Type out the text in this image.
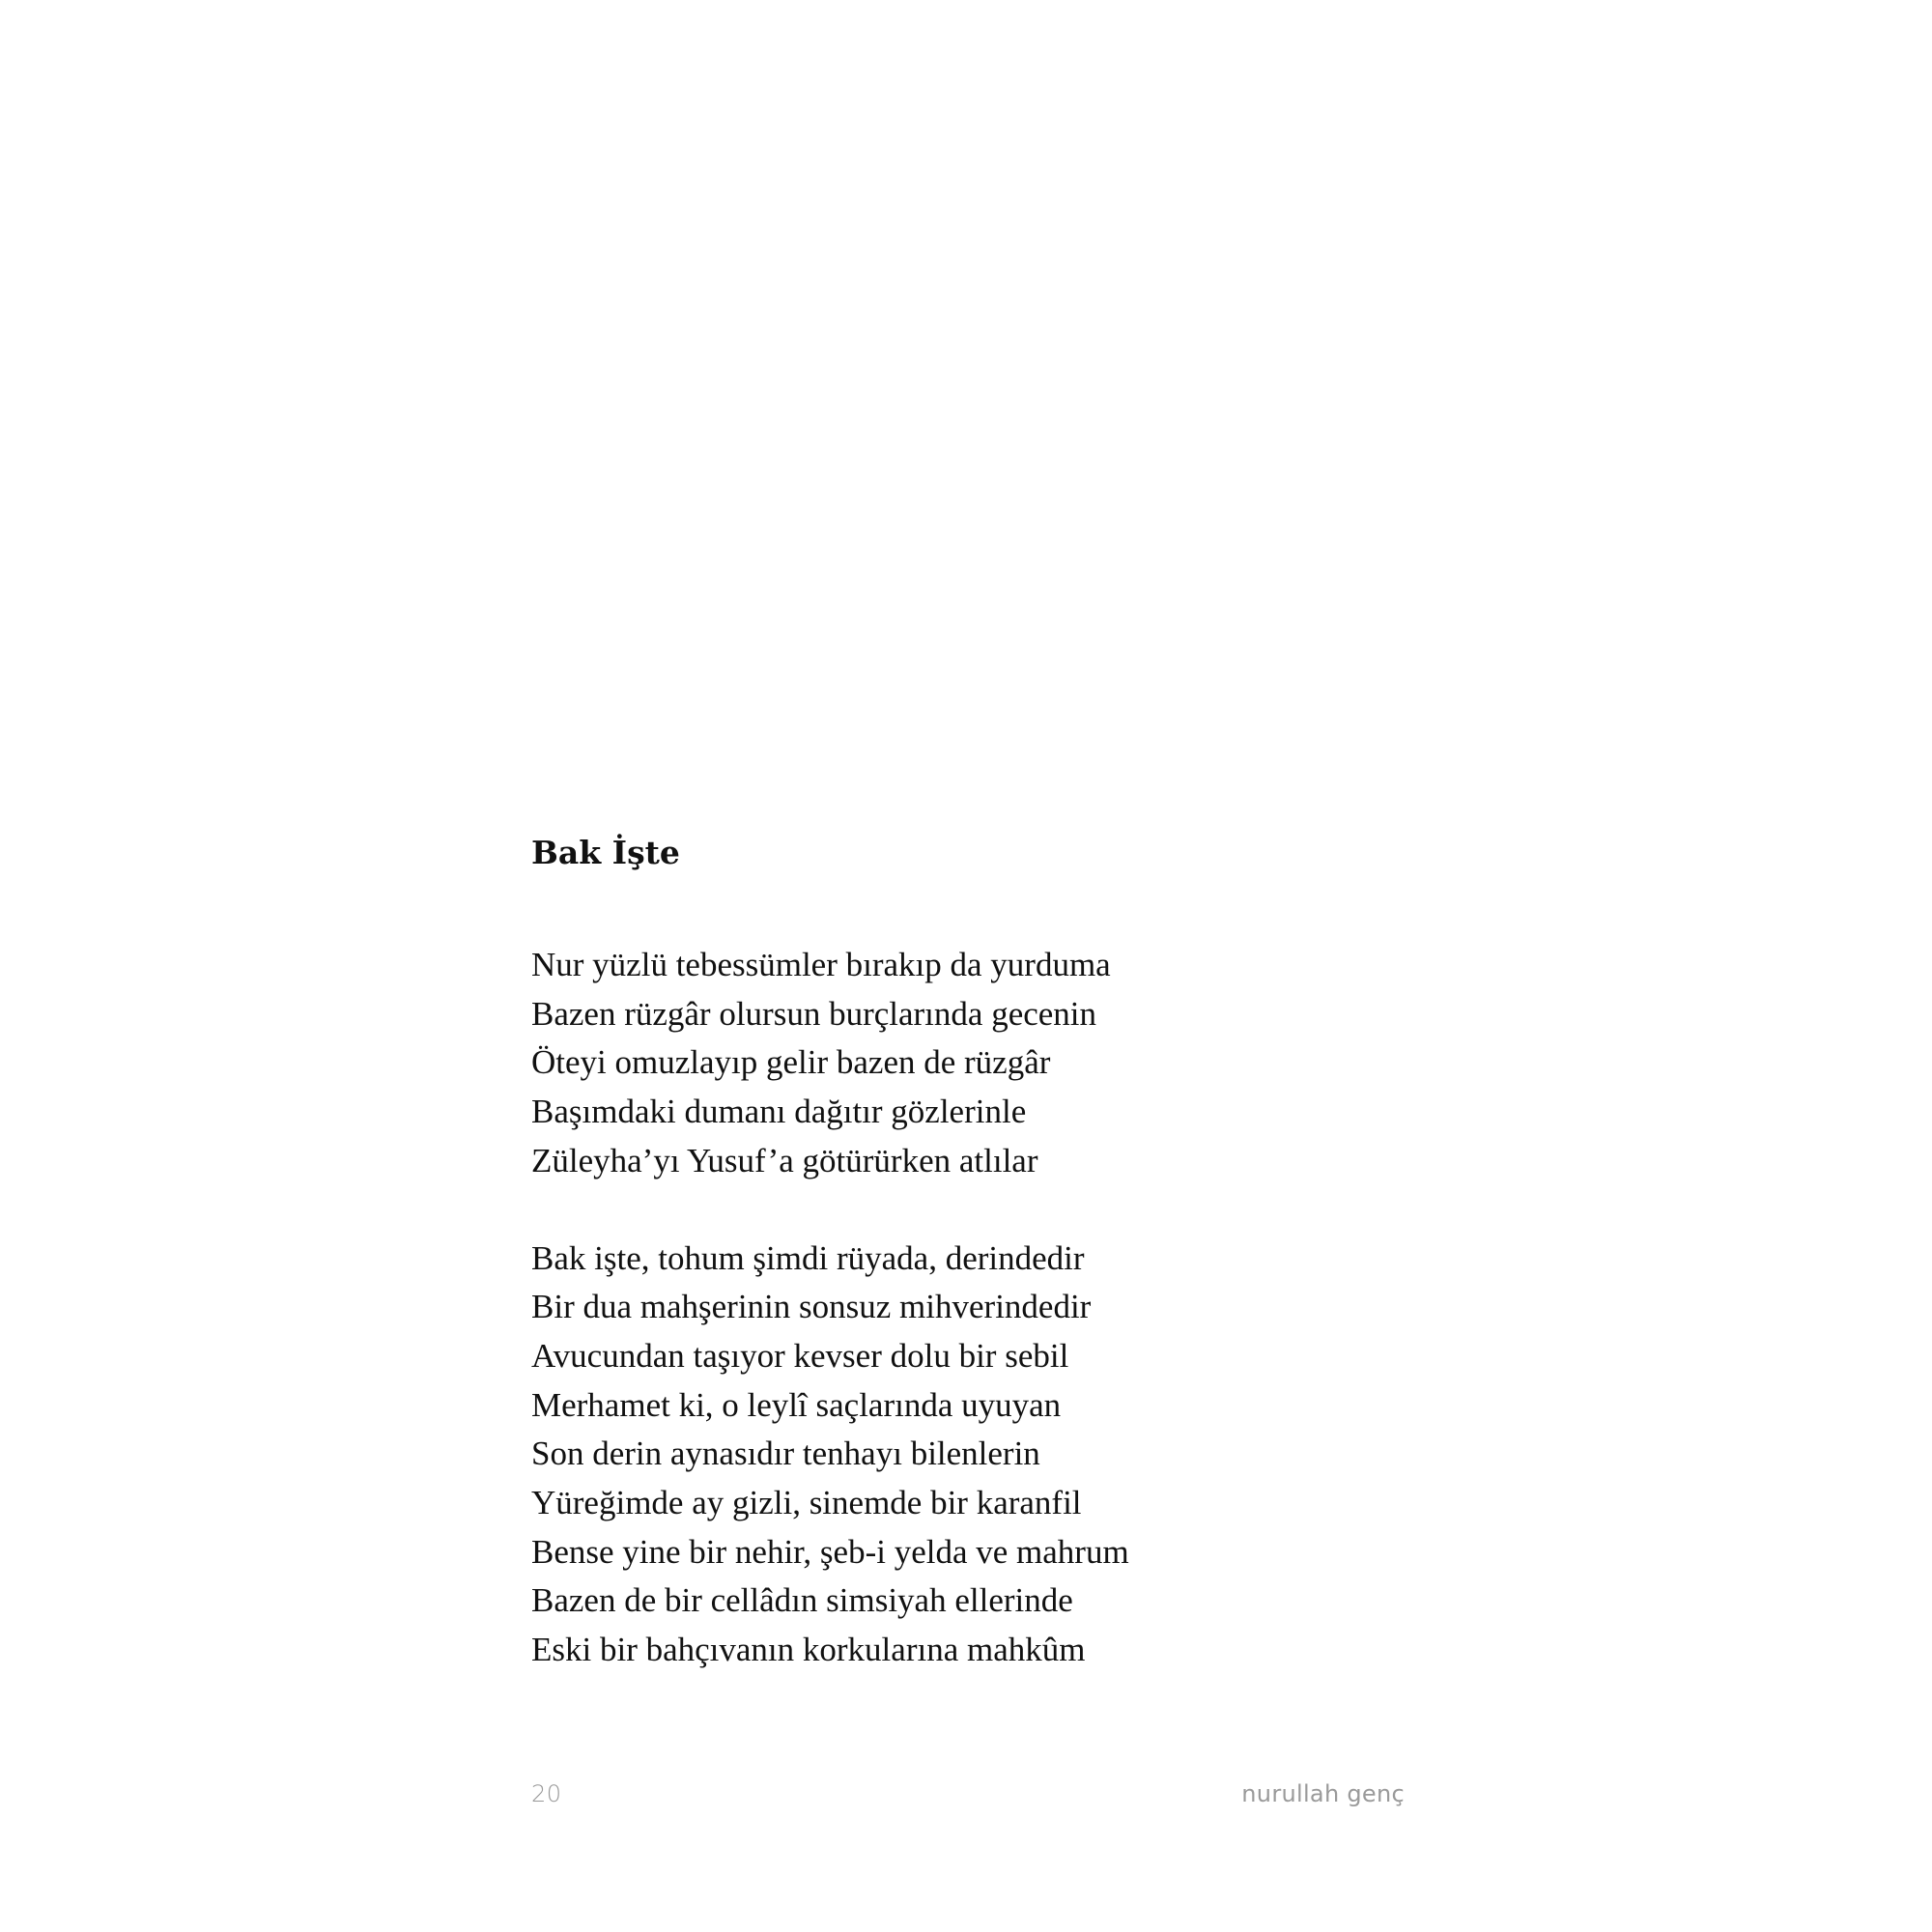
Bak İşte
Nur yüzlü tebessümler bırakıp da yurduma
Bazen rüzgâr olursun burçlarında gecenin
Öteyi omuzlayıp gelir bazen de rüzgâr
Başımdaki dumanı dağıtır gözlerinle
Züleyha’yı Yusuf’a götürürken atlılar
Bak işte, tohum şimdi rüyada, derindedir
Bir dua mahşerinin sonsuz mihverindedir
Avucundan taşıyor kevser dolu bir sebil
Merhamet ki, o leylî saçlarında uyuyan
Son derin aynasıdır tenhayı bilenlerin
Yüreğimde ay gizli, sinemde bir karanfil
Bense yine bir nehir, şeb-i yelda ve mahrum
Bazen de bir cellâdın simsiyah ellerinde
Eski bir bahçıvanın korkularına mahkûm
20	nurullah genç
